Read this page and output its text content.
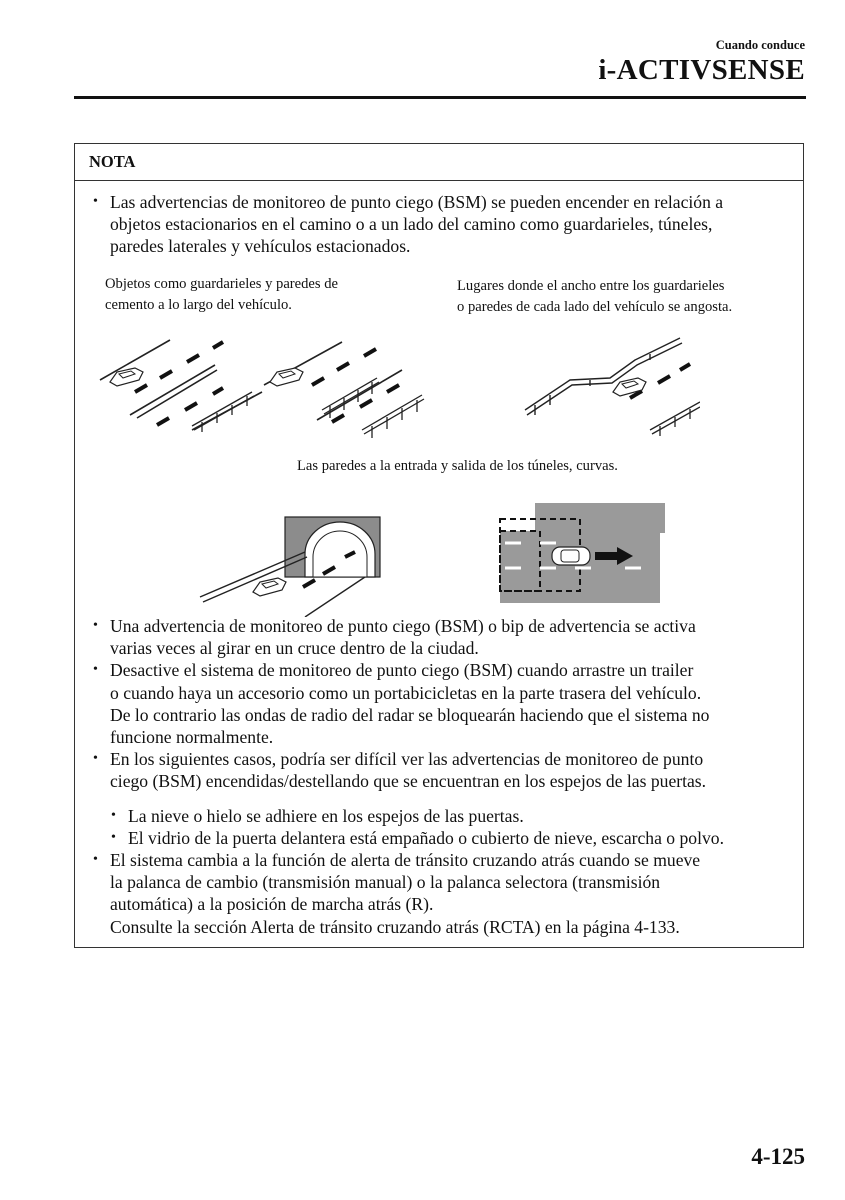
Cuando conduce
i-ACTIVSENSE
NOTA
• Las advertencias de monitoreo de punto ciego (BSM) se pueden encender en relación a
objetos estacionarios en el camino o a un lado del camino como guardarieles, túneles,
paredes laterales y vehículos estacionados.
Objetos como guardarieles y paredes de
cemento a lo largo del vehículo.
Lugares donde el ancho entre los guardarieles
o paredes de cada lado del vehículo se angosta.
Las paredes a la entrada y salida de los túneles, curvas.
• Una advertencia de monitoreo de punto ciego (BSM) o bip de advertencia se activa
varias veces al girar en un cruce dentro de la ciudad.
• Desactive el sistema de monitoreo de punto ciego (BSM) cuando arrastre un trailer
o cuando haya un accesorio como un portabicicletas en la parte trasera del vehículo.
De lo contrario las ondas de radio del radar se bloquearán haciendo que el sistema no
funcione normalmente.
• En los siguientes casos, podría ser difícil ver las advertencias de monitoreo de punto
ciego (BSM) encendidas/destellando que se encuentran en los espejos de las puertas.
• La nieve o hielo se adhiere en los espejos de las puertas.
• El vidrio de la puerta delantera está empañado o cubierto de nieve, escarcha o polvo.
• El sistema cambia a la función de alerta de tránsito cruzando atrás cuando se mueve
la palanca de cambio (transmisión manual) o la palanca selectora (transmisión
automática) a la posición de marcha atrás (R).
Consulte la sección Alerta de tránsito cruzando atrás (RCTA) en la página 4-133.
4-125
